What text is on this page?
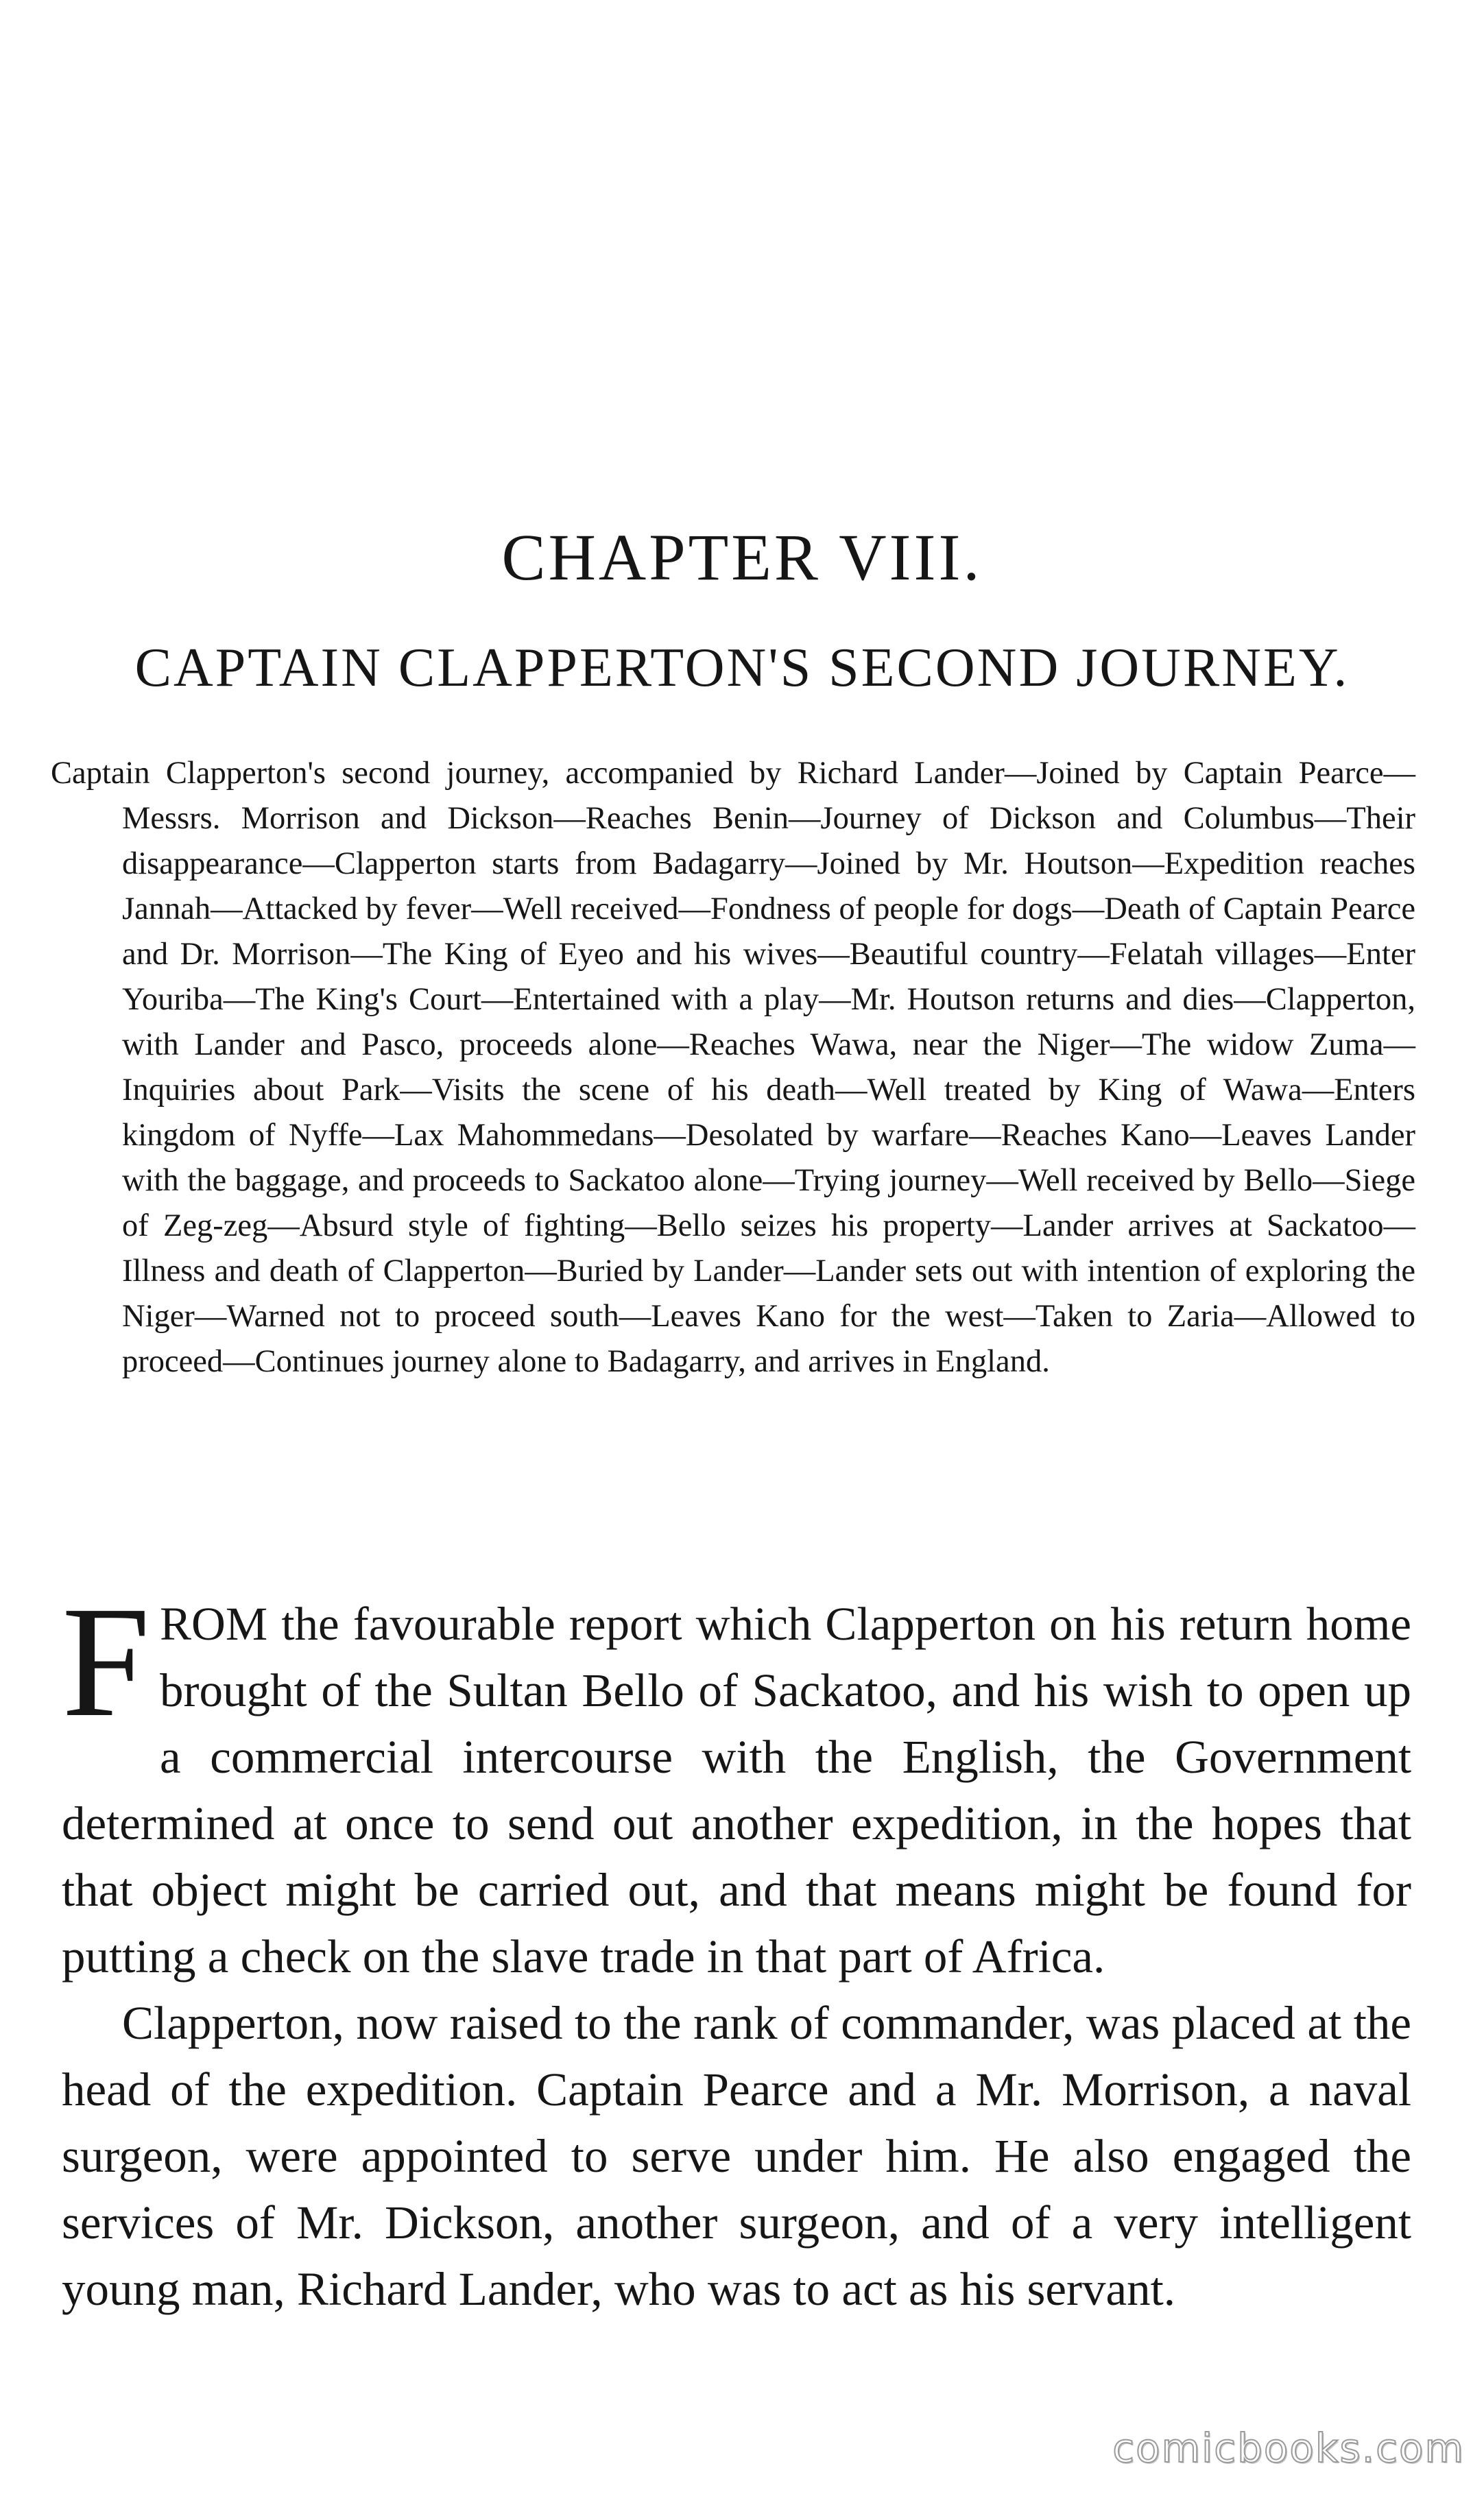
CHAPTER VIII.
CAPTAIN CLAPPERTON'S SECOND JOURNEY.

Captain Clapperton's second journey, accompanied by Richard Lander—Joined by Captain Pearce—Messrs. Morrison and Dickson—Reaches Benin—Journey of Dickson and Columbus—Their disappearance—Clapperton starts from Badagarry—Joined by Mr. Houtson—Expedition reaches Jannah—Attacked by fever—Well received—Fondness of people for dogs—Death of Captain Pearce and Dr. Morrison—The King of Eyeo and his wives—Beautiful country—Felatah villages—Enter Youriba—The King's Court—Entertained with a play—Mr. Houtson returns and dies—Clapperton, with Lander and Pasco, proceeds alone—Reaches Wawa, near the Niger—The widow Zuma—Inquiries about Park—Visits the scene of his death—Well treated by King of Wawa—Enters kingdom of Nyffe—Lax Mahommedans—Desolated by warfare—Reaches Kano—Leaves Lander with the baggage, and proceeds to Sackatoo alone—Trying journey—Well received by Bello—Siege of Zeg-zeg—Absurd style of fighting—Bello seizes his property—Lander arrives at Sackatoo—Illness and death of Clapperton—Buried by Lander—Lander sets out with intention of exploring the Niger—Warned not to proceed south—Leaves Kano for the west—Taken to Zaria—Allowed to proceed—Continues journey alone to Badagarry, and arrives in England.

FROM the favourable report which Clapperton on his return home brought of the Sultan Bello of Sackatoo, and his wish to open up a commercial intercourse with the English, the Government determined at once to send out another expedition, in the hopes that that object might be carried out, and that means might be found for putting a check on the slave trade in that part of Africa.

Clapperton, now raised to the rank of commander, was placed at the head of the expedition. Captain Pearce and a Mr. Morrison, a naval surgeon, were appointed to serve under him. He also engaged the services of Mr. Dickson, another surgeon, and of a very intelligent young man, Richard Lander, who was to act as his servant.

comicbooks.com
